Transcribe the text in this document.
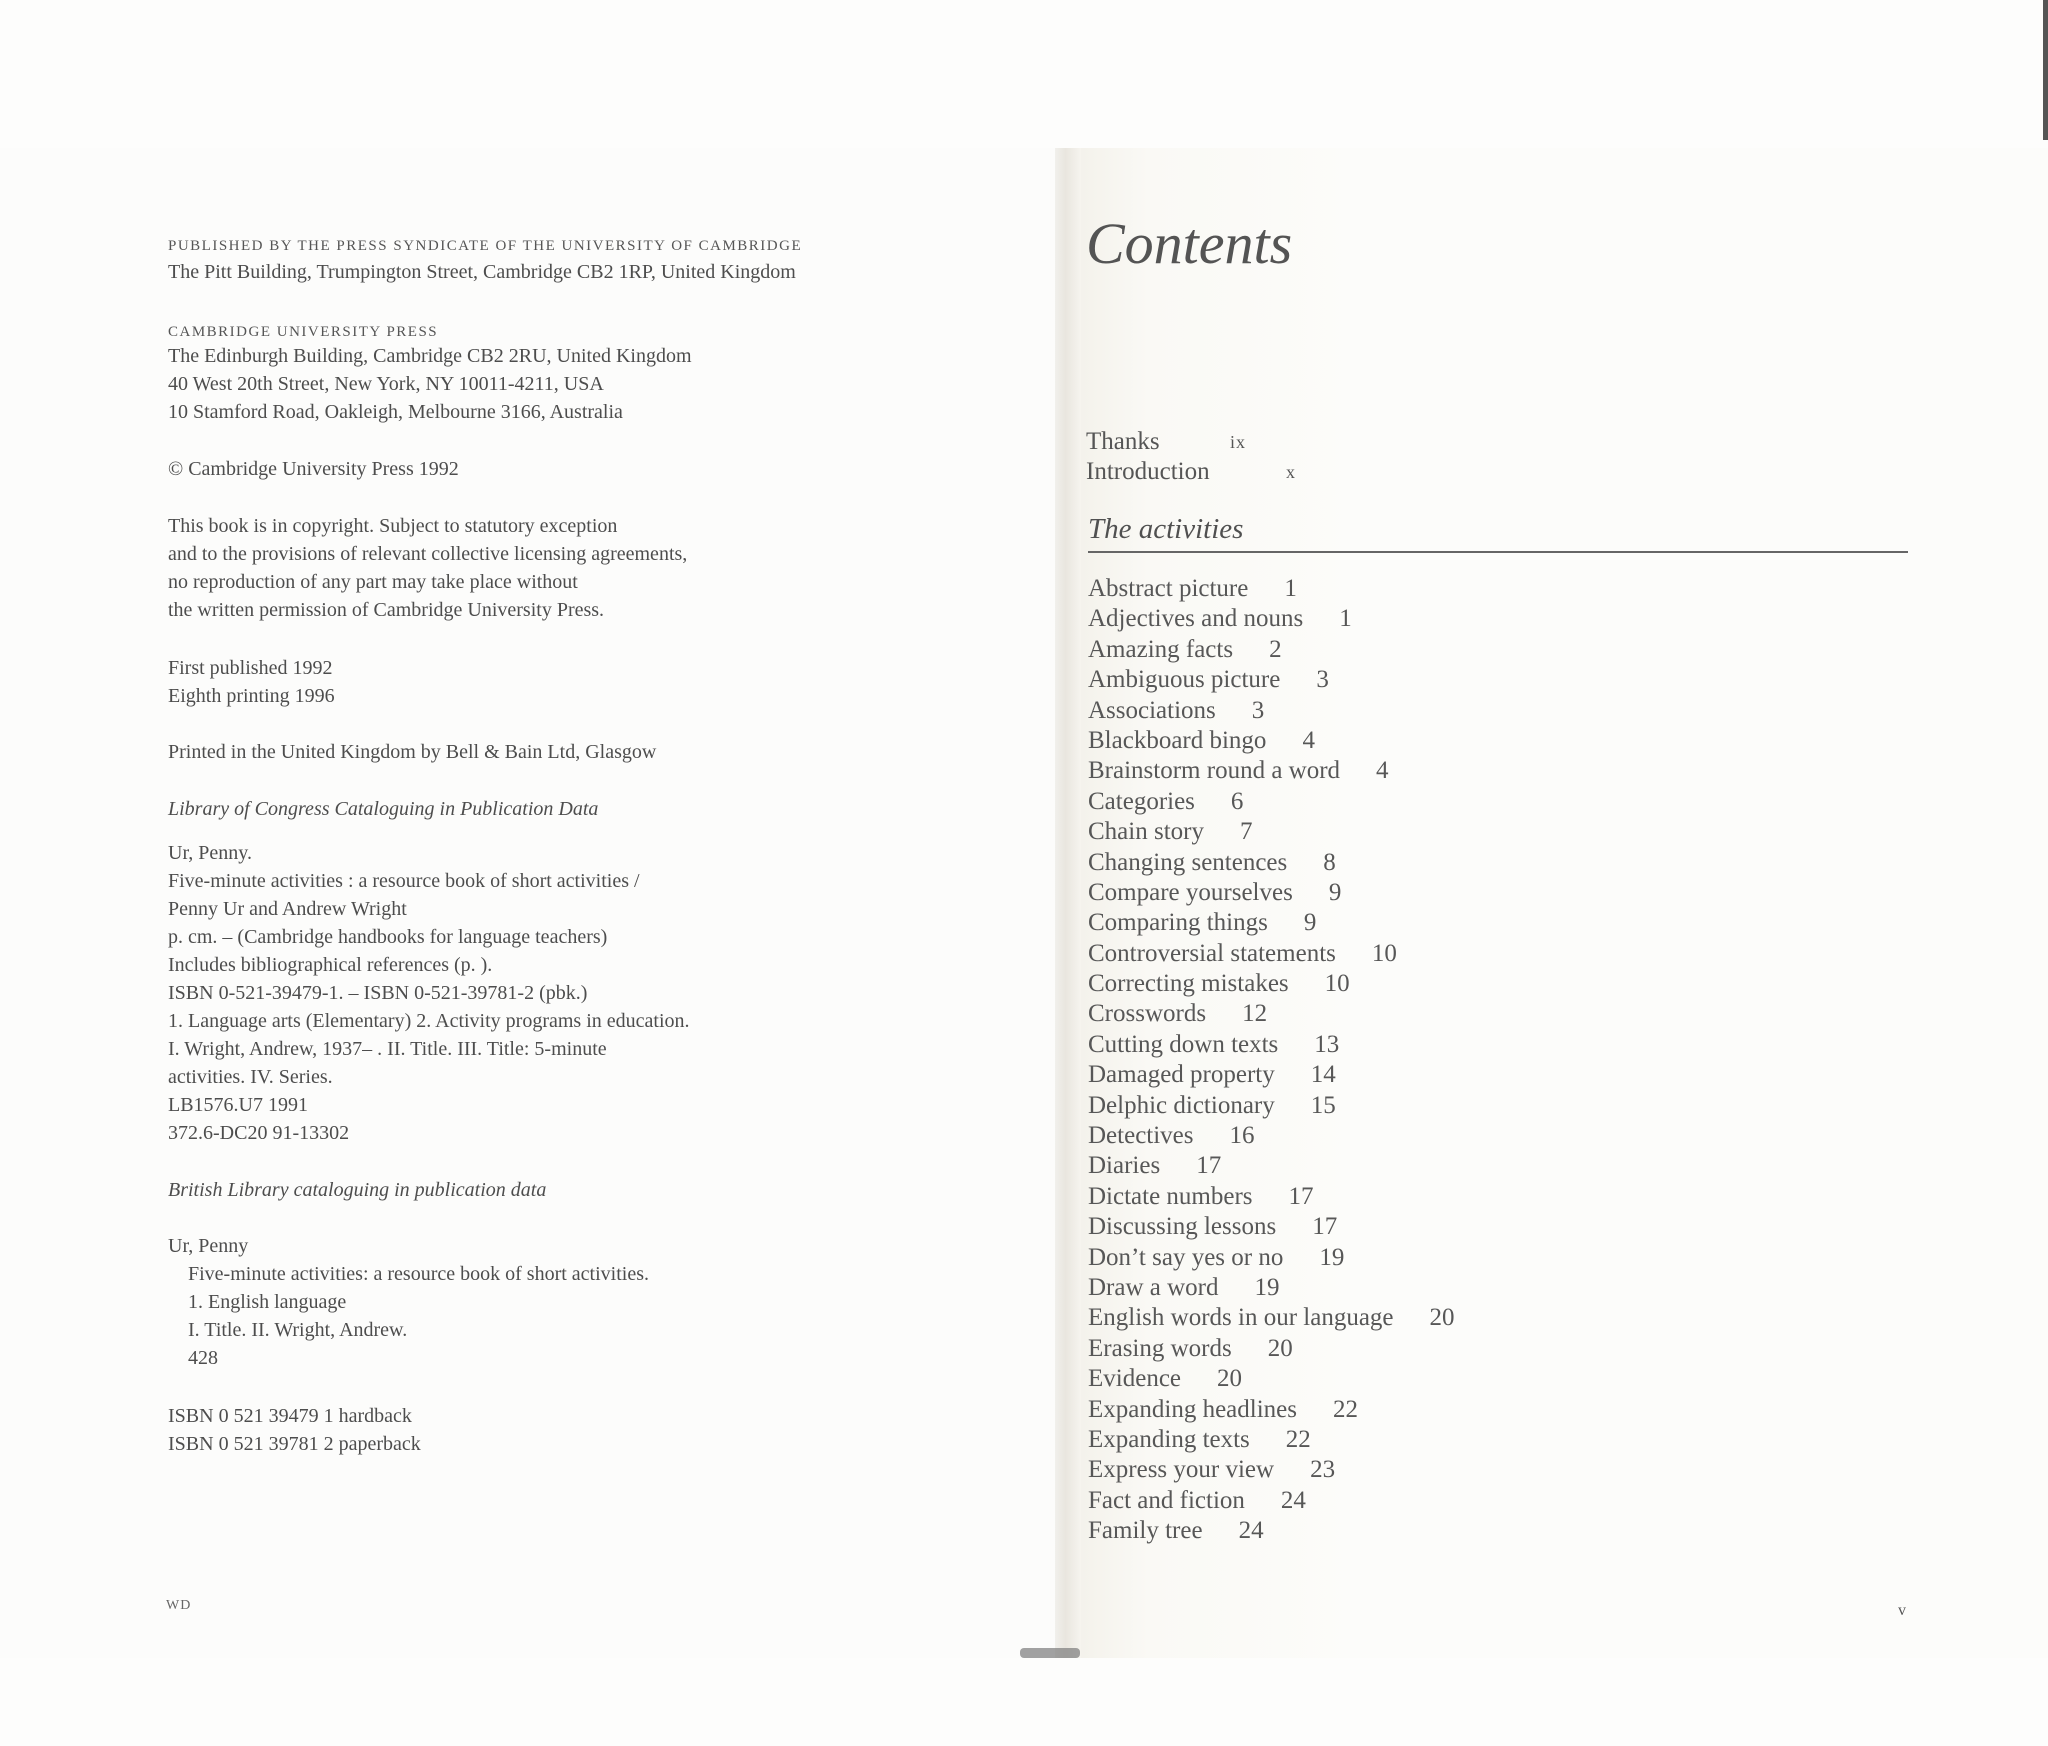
PUBLISHED BY THE PRESS SYNDICATE OF THE UNIVERSITY OF CAMBRIDGE
The Pitt Building, Trumpington Street, Cambridge CB2 1RP, United Kingdom
CAMBRIDGE UNIVERSITY PRESS
The Edinburgh Building, Cambridge CB2 2RU, United Kingdom
40 West 20th Street, New York, NY 10011-4211, USA
10 Stamford Road, Oakleigh, Melbourne 3166, Australia
© Cambridge University Press 1992
This book is in copyright. Subject to statutory exception
and to the provisions of relevant collective licensing agreements,
no reproduction of any part may take place without
the written permission of Cambridge University Press.
First published 1992
Eighth printing 1996
Printed in the United Kingdom by Bell & Bain Ltd, Glasgow
Library of Congress Cataloguing in Publication Data
Ur, Penny.
Five-minute activities : a resource book of short activities /
Penny Ur and Andrew Wright
p. cm. – (Cambridge handbooks for language teachers)
Includes bibliographical references (p. ).
ISBN 0-521-39479-1. – ISBN 0-521-39781-2 (pbk.)
1. Language arts (Elementary) 2. Activity programs in education.
I. Wright, Andrew, 1937– . II. Title. III. Title: 5-minute
activities. IV. Series.
LB1576.U7 1991
372.6-DC20 91-13302
British Library cataloguing in publication data
Ur, Penny
Five-minute activities: a resource book of short activities.
1. English language
I. Title. II. Wright, Andrew.
428
ISBN 0 521 39479 1 hardback
ISBN 0 521 39781 2 paperback
WD
Contents
Thanks	ix
Introduction	x
The activities
Abstract picture 1
Adjectives and nouns 1
Amazing facts 2
Ambiguous picture 3
Associations 3
Blackboard bingo 4
Brainstorm round a word 4
Categories 6
Chain story 7
Changing sentences 8
Compare yourselves 9
Comparing things 9
Controversial statements 10
Correcting mistakes 10
Crosswords 12
Cutting down texts 13
Damaged property 14
Delphic dictionary 15
Detectives 16
Diaries 17
Dictate numbers 17
Discussing lessons 17
Don’t say yes or no 19
Draw a word 19
English words in our language 20
Erasing words 20
Evidence 20
Expanding headlines 22
Expanding texts 22
Express your view 23
Fact and fiction 24
Family tree 24
v
